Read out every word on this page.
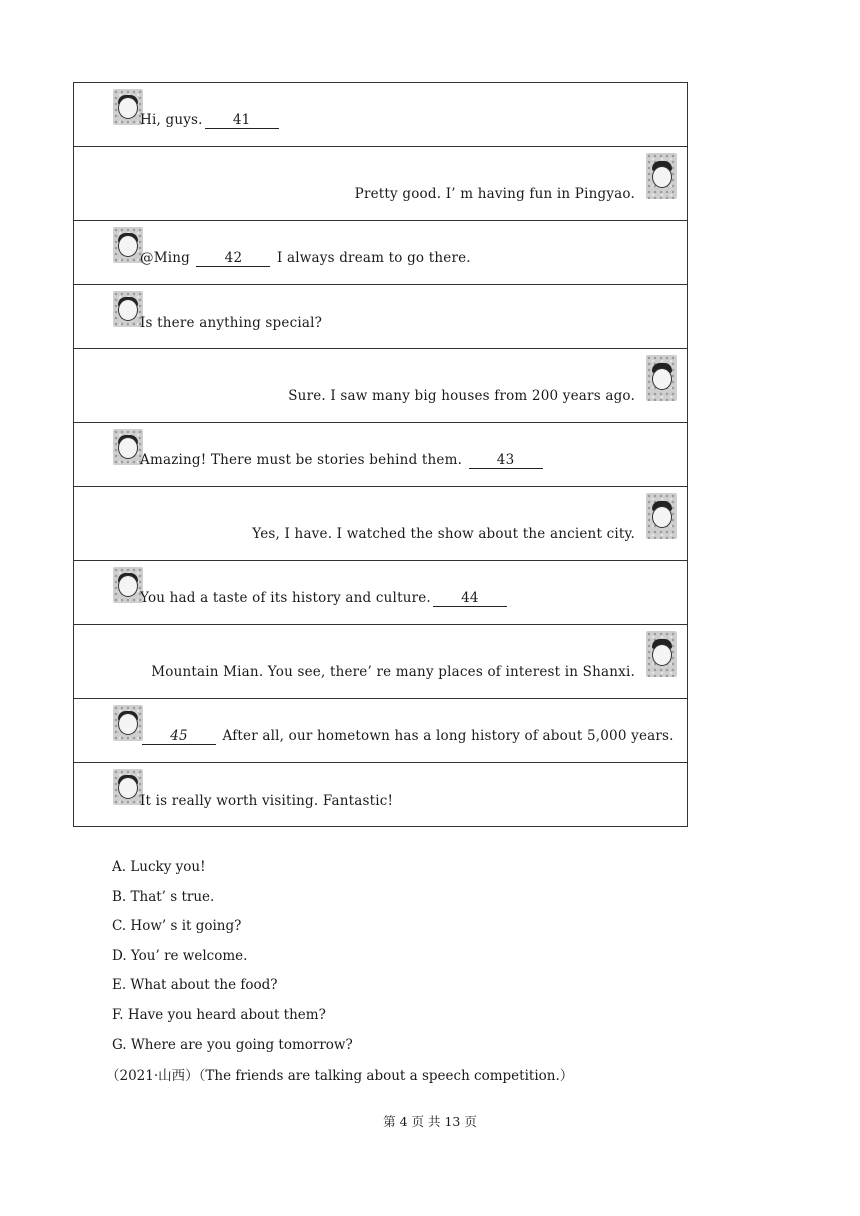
Hi, guys. 41

Pretty good. I’ m having fun in Pingyao.

@Ming 42 I always dream to go there.

Is there anything special?

Sure. I saw many big houses from 200 years ago.

Amazing! There must be stories behind them. 43

Yes, I have. I watched the show about the ancient city.

You had a taste of its history and culture. 44

Mountain Mian. You see, there’ re many places of interest in Shanxi.

45 After all, our hometown has a long history of about 5,000 years.

It is really worth visiting. Fantastic!
A. Lucky you!
B. That’ s true.
C. How’ s it going?
D. You’ re welcome.
E. What about the food?
F. Have you heard about them?
G. Where are you going tomorrow?
（2021·山西）（The friends are talking about a speech competition.）
第 4 页 共 13 页
